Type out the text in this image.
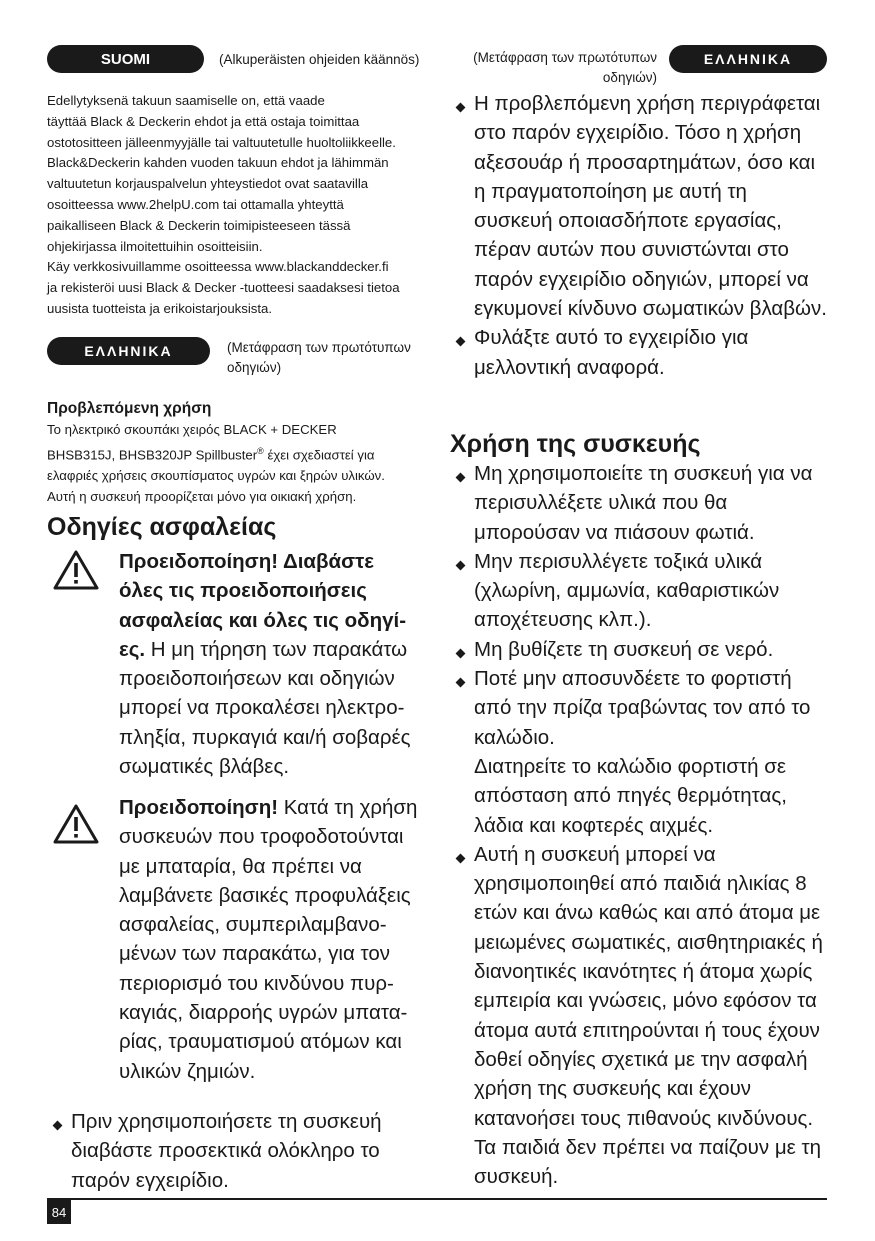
SUOMI	(Alkuperäisten ohjeiden käännös)	(Μετάφραση των πρωτότυπων
οδηγιών)
ΕΛΛΗΝΙΚΑ

Edellytyksenä takuun saamiselle on, että vaade

täyttää Black & Deckerin ehdot ja että ostaja toimittaa

ostotositteen jälleenmyyjälle tai valtuutetulle huoltoliikkeelle.

Black&Deckerin kahden vuoden takuun ehdot ja lähimmän

valtuutetun korjauspalvelun yhteystiedot ovat saatavilla

osoitteessa www.2helpU.com tai ottamalla yhteyttä

paikalliseen Black & Deckerin toimipisteeseen tässä

ohjekirjassa ilmoitettuihin osoitteisiin.

Käy verkkosivuillamme osoitteessa www.blackanddecker.fi

ja rekisteröi uusi Black & Decker -tuotteesi saadaksesi tietoa

uusista tuotteista ja erikoistarjouksista.

ΕΛΛΗΝΙΚΑ	(Μετάφραση των πρωτότυπων
οδηγιών)
Προβλεπόμενη χρήση

Το ηλεκτρικό σκουπάκι χειρός BLACK + DECKER

BHSB315J, BHSB320JP Spillbuster® έχει σχεδιαστεί για

ελαφριές χρήσεις σκουπίσματος υγρών και ξηρών υλικών.

Αυτή η συσκευή προορίζεται μόνο για οικιακή χρήση.

Οδηγίες ασφαλείας
Προειδοποίηση! Διαβάστε όλες τις προειδοποιήσεις ασφαλείας και όλες τις οδηγίες. Η μη τήρηση των παρακάτω προειδοποιήσεων και οδηγιών μπορεί να προκαλέσει ηλεκτροπληξία, πυρκαγιά και/ή σοβαρές σωματικές βλάβες.
Προειδοποίηση! Κατά τη χρήση συσκευών που τροφοδοτούνται με μπαταρία, θα πρέπει να λαμβάνετε βασικές προφυλάξεις ασφαλείας, συμπεριλαμβανομένων των παρακάτω, για τον περιορισμό του κινδύνου πυρκαγιάς, διαρροής υγρών μπαταρίας, τραυματισμού ατόμων και υλικών ζημιών.
Πριν χρησιμοποιήσετε τη συσκευή διαβάστε προσεκτικά ολόκληρο το παρόν εγχειρίδιο.
Η προβλεπόμενη χρήση περιγράφεται στο παρόν εγχειρίδιο. Τόσο η χρήση αξεσουάρ ή προσαρτημάτων, όσο και η πραγματοποίηση με αυτή τη συσκευή οποιασδήποτε εργασίας, πέραν αυτών που συνιστώνται στο παρόν εγχειρίδιο οδηγιών, μπορεί να εγκυμονεί κίνδυνο σωματικών βλαβών.
Φυλάξτε αυτό το εγχειρίδιο για μελλοντική αναφορά.
Χρήση της συσκευής
Μη χρησιμοποιείτε τη συσκευή για να περισυλλέξετε υλικά που θα μπορούσαν να πιάσουν φωτιά.
Μην περισυλλέγετε τοξικά υλικά (χλωρίνη, αμμωνία, καθαριστικών αποχέτευσης κλπ.).
Μη βυθίζετε τη συσκευή σε νερό.
Ποτέ μην αποσυνδέετε το φορτιστή από την πρίζα τραβώντας τον από το καλώδιο.
Διατηρείτε το καλώδιο φορτιστή σε απόσταση από πηγές θερμότητας, λάδια και κοφτερές αιχμές.
Αυτή η συσκευή μπορεί να χρησιμοποιηθεί από παιδιά ηλικίας 8 ετών και άνω καθώς και από άτομα με μειωμένες σωματικές, αισθητηριακές ή διανοητικές ικανότητες ή άτομα χωρίς εμπειρία και γνώσεις, μόνο εφόσον τα άτομα αυτά επιτηρούνται ή τους έχουν δοθεί οδηγίες σχετικά με την ασφαλή χρήση της συσκευής και έχουν κατανοήσει τους πιθανούς κινδύνους. Τα παιδιά δεν πρέπει να παίζουν με τη συσκευή.
84
